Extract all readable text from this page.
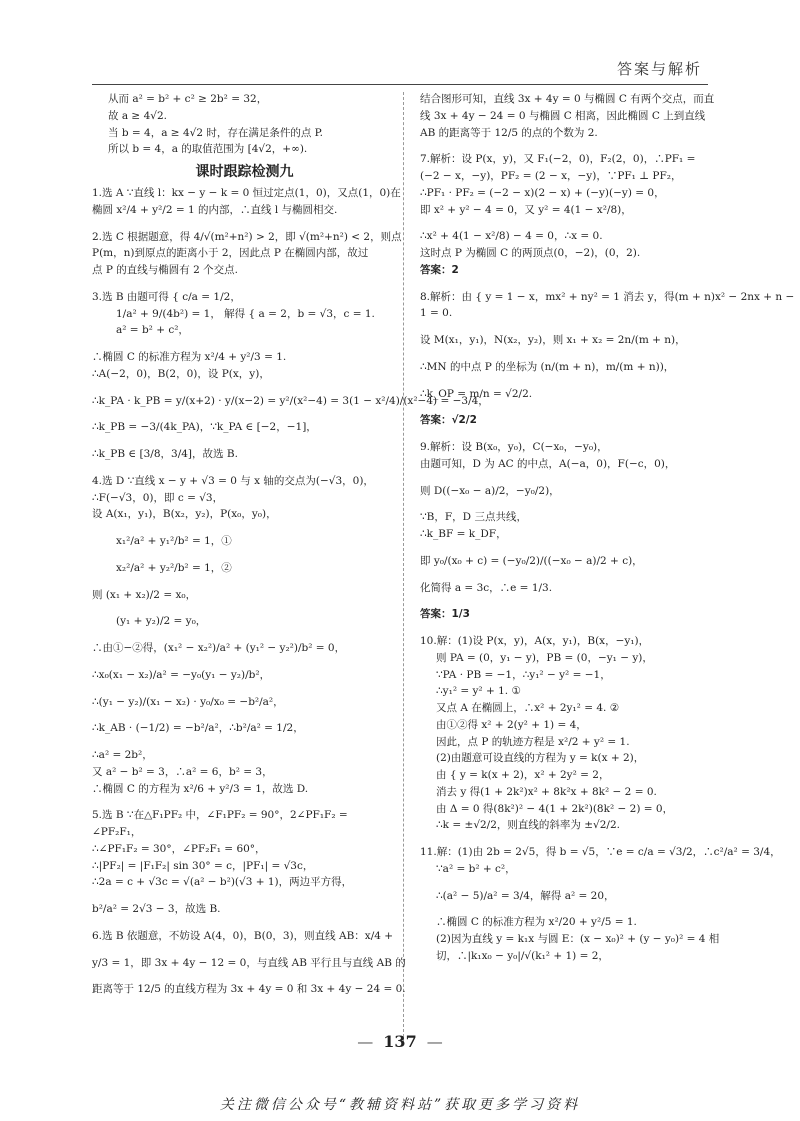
答案与解析

从而 a² = b² + c² ≥ 2b² = 32，

故 a ≥ 4√2.

当 b = 4，a ≥ 4√2 时，存在满足条件的点 P.

所以 b = 4，a 的取值范围为 [4√2，+∞).

课时跟踪检测九

1.选 A ∵直线 l：kx − y − k = 0 恒过定点(1，0)，又点(1，0)在

椭圆 x²/4 + y²/2 = 1 的内部，∴直线 l 与椭圆相交.

2.选 C 根据题意，得 4/√(m²+n²) > 2，即 √(m²+n²) < 2，则点

P(m，n)到原点的距离小于 2，因此点 P 在椭圆内部，故过

点 P 的直线与椭圆有 2 个交点.

3.选 B 由题可得 { c/a = 1/2，

1/a² + 9/(4b²) = 1， 解得 { a = 2，b = √3，c = 1.

a² = b² + c²，

∴椭圆 C 的标准方程为 x²/4 + y²/3 = 1.

∴A(−2，0)，B(2，0)，设 P(x，y)，

∴k_PA · k_PB = y/(x+2) · y/(x−2) = y²/(x²−4) = 3(1 − x²/4)/(x²−4) = −3/4，

∴k_PB = −3/(4k_PA)，∵k_PA ∈ [−2，−1]，

∴k_PB ∈ [3/8，3/4]，故选 B.

4.选 D ∵直线 x − y + √3 = 0 与 x 轴的交点为(−√3，0)，

∴F(−√3，0)，即 c = √3，

设 A(x₁，y₁)，B(x₂，y₂)，P(x₀，y₀)，

x₁²/a² + y₁²/b² = 1，①

x₂²/a² + y₂²/b² = 1，②

则 (x₁ + x₂)/2 = x₀，

(y₁ + y₂)/2 = y₀，

∴由①−②得，(x₁² − x₂²)/a² + (y₁² − y₂²)/b² = 0，

∴x₀(x₁ − x₂)/a² = −y₀(y₁ − y₂)/b²，

∴(y₁ − y₂)/(x₁ − x₂) · y₀/x₀ = −b²/a²，

∴k_AB · (−1/2) = −b²/a²，∴b²/a² = 1/2，

∴a² = 2b²，

又 a² − b² = 3，∴a² = 6，b² = 3，

∴椭圆 C 的方程为 x²/6 + y²/3 = 1，故选 D.

5.选 B ∵在△F₁PF₂ 中，∠F₁PF₂ = 90°，2∠PF₁F₂ =

∠PF₂F₁，

∴∠PF₁F₂ = 30°，∠PF₂F₁ = 60°，

∴|PF₂| = |F₁F₂| sin 30° = c，|PF₁| = √3c，

∴2a = c + √3c = √(a² − b²)(√3 + 1)，两边平方得，

b²/a² = 2√3 − 3，故选 B.

6.选 B 依题意，不妨设 A(4，0)，B(0，3)，则直线 AB：x/4 +

y/3 = 1，即 3x + 4y − 12 = 0，与直线 AB 平行且与直线 AB 的

距离等于 12/5 的直线方程为 3x + 4y = 0 和 3x + 4y − 24 = 0.

结合图形可知，直线 3x + 4y = 0 与椭圆 C 有两个交点，而直

线 3x + 4y − 24 = 0 与椭圆 C 相离，因此椭圆 C 上到直线

AB 的距离等于 12/5 的点的个数为 2.

7.解析：设 P(x，y)，又 F₁(−2，0)，F₂(2，0)，∴PF₁ =

(−2 − x，−y)，PF₂ = (2 − x，−y)，∵PF₁ ⊥ PF₂，

∴PF₁ · PF₂ = (−2 − x)(2 − x) + (−y)(−y) = 0，

即 x² + y² − 4 = 0，又 y² = 4(1 − x²/8)，

∴x² + 4(1 − x²/8) − 4 = 0，∴x = 0.

这时点 P 为椭圆 C 的两顶点(0，−2)，(0，2).

答案：2

8.解析：由 { y = 1 − x，mx² + ny² = 1 消去 y，得(m + n)x² − 2nx + n −

1 = 0.

设 M(x₁，y₁)，N(x₂，y₂)，则 x₁ + x₂ = 2n/(m + n)，

∴MN 的中点 P 的坐标为 (n/(m + n)，m/(m + n))，

∴k_OP = m/n = √2/2.

答案：√2/2

9.解析：设 B(x₀，y₀)，C(−x₀，−y₀)，

由题可知，D 为 AC 的中点，A(−a，0)，F(−c，0)，

则 D((−x₀ − a)/2，−y₀/2)，

∵B，F，D 三点共线，

∴k_BF = k_DF，

即 y₀/(x₀ + c) = (−y₀/2)/((−x₀ − a)/2 + c)，

化简得 a = 3c，∴e = 1/3.

答案：1/3

10.解：(1)设 P(x，y)，A(x，y₁)，B(x，−y₁)，

则 PA = (0，y₁ − y)，PB = (0，−y₁ − y)，

∵PA · PB = −1，∴y₁² − y² = −1，

∴y₁² = y² + 1. ①

又点 A 在椭圆上，∴x² + 2y₁² = 4. ②

由①②得 x² + 2(y² + 1) = 4，

因此，点 P 的轨迹方程是 x²/2 + y² = 1.

(2)由题意可设直线的方程为 y = k(x + 2)，

由 { y = k(x + 2)，x² + 2y² = 2，

消去 y 得(1 + 2k²)x² + 8k²x + 8k² − 2 = 0.

由 Δ = 0 得(8k²)² − 4(1 + 2k²)(8k² − 2) = 0，

∴k = ±√2/2，则直线的斜率为 ±√2/2.

11.解：(1)由 2b = 2√5，得 b = √5，∵e = c/a = √3/2，∴c²/a² = 3/4，

∵a² = b² + c²，

∴(a² − 5)/a² = 3/4，解得 a² = 20，

∴椭圆 C 的标准方程为 x²/20 + y²/5 = 1.

(2)因为直线 y = k₁x 与圆 E：(x − x₀)² + (y − y₀)² = 4 相

切，∴|k₁x₀ − y₀|/√(k₁² + 1) = 2，

— 137 —
关注微信公众号“教辅资料站”获取更多学习资料
